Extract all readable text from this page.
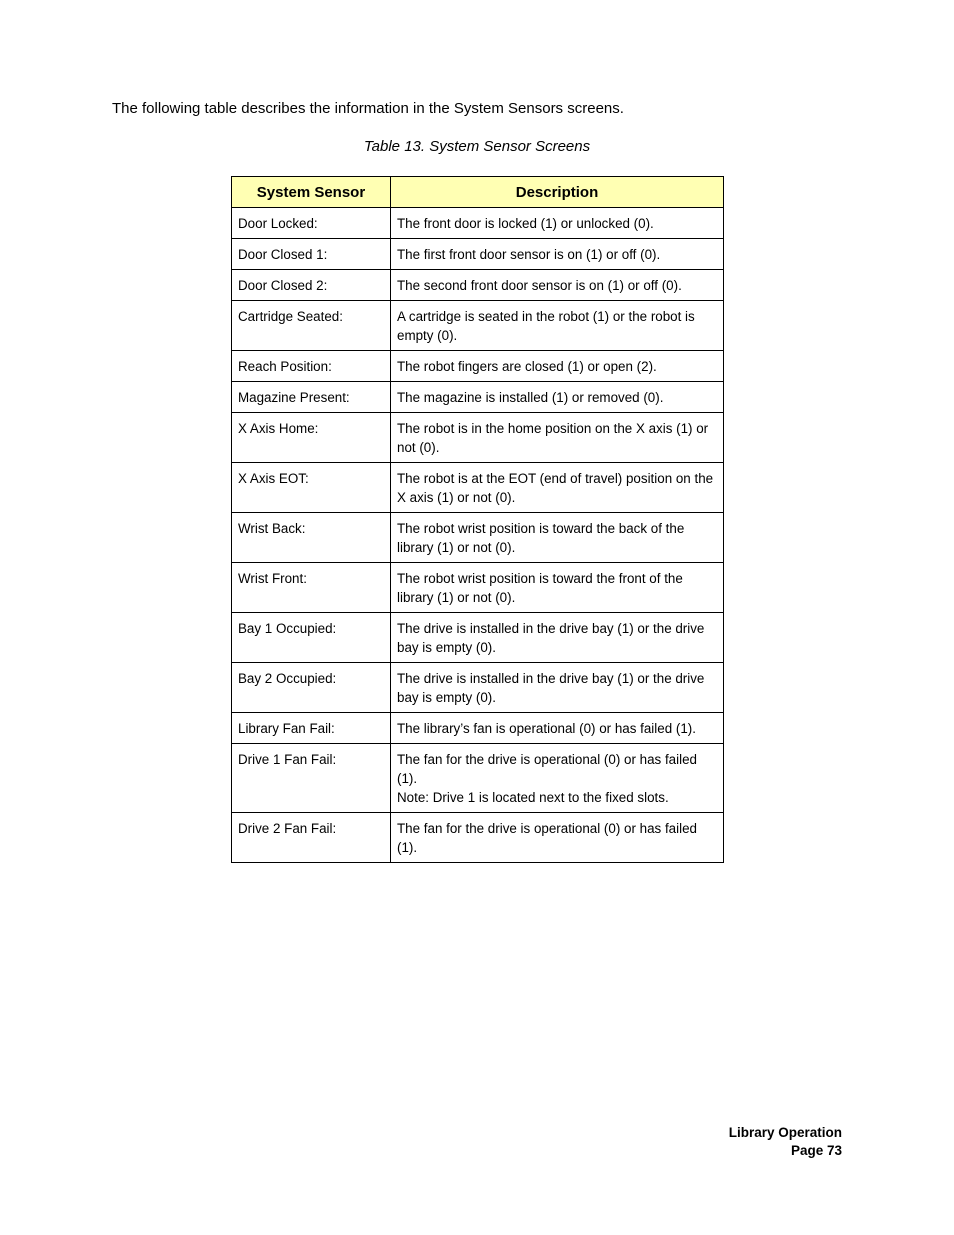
The following table describes the information in the System Sensors screens.

Table 13. System Sensor Screens

System Sensor	Description
Door Locked:	The front door is locked (1) or unlocked (0).

Door Closed 1:	The first front door sensor is on (1) or off (0).

Door Closed 2:	The second front door sensor is on (1) or off (0).

Cartridge Seated:	A cartridge is seated in the robot (1) or the robot is empty (0).

Reach Position:	The robot fingers are closed (1) or open (2).

Magazine Present:	The magazine is installed (1) or removed (0).

X Axis Home:	The robot is in the home position on the X axis (1) or not (0).

X Axis EOT:	The robot is at the EOT (end of travel) position on the X axis (1) or not (0).

Wrist Back:	The robot wrist position is toward the back of the library (1) or not (0).

Wrist Front:	The robot wrist position is toward the front of the library (1) or not (0).

Bay 1 Occupied:	The drive is installed in the drive bay (1) or the drive bay is empty (0).

Bay 2 Occupied:	The drive is installed in the drive bay (1) or the drive bay is empty (0).

Library Fan Fail:	The library’s fan is operational (0) or has failed (1).

Drive 1 Fan Fail:	The fan for the drive is operational (0) or has failed (1).
Note: Drive 1 is located next to the fixed slots.

Drive 2 Fan Fail:	The fan for the drive is operational (0) or has failed (1).
Library Operation
Page 73
